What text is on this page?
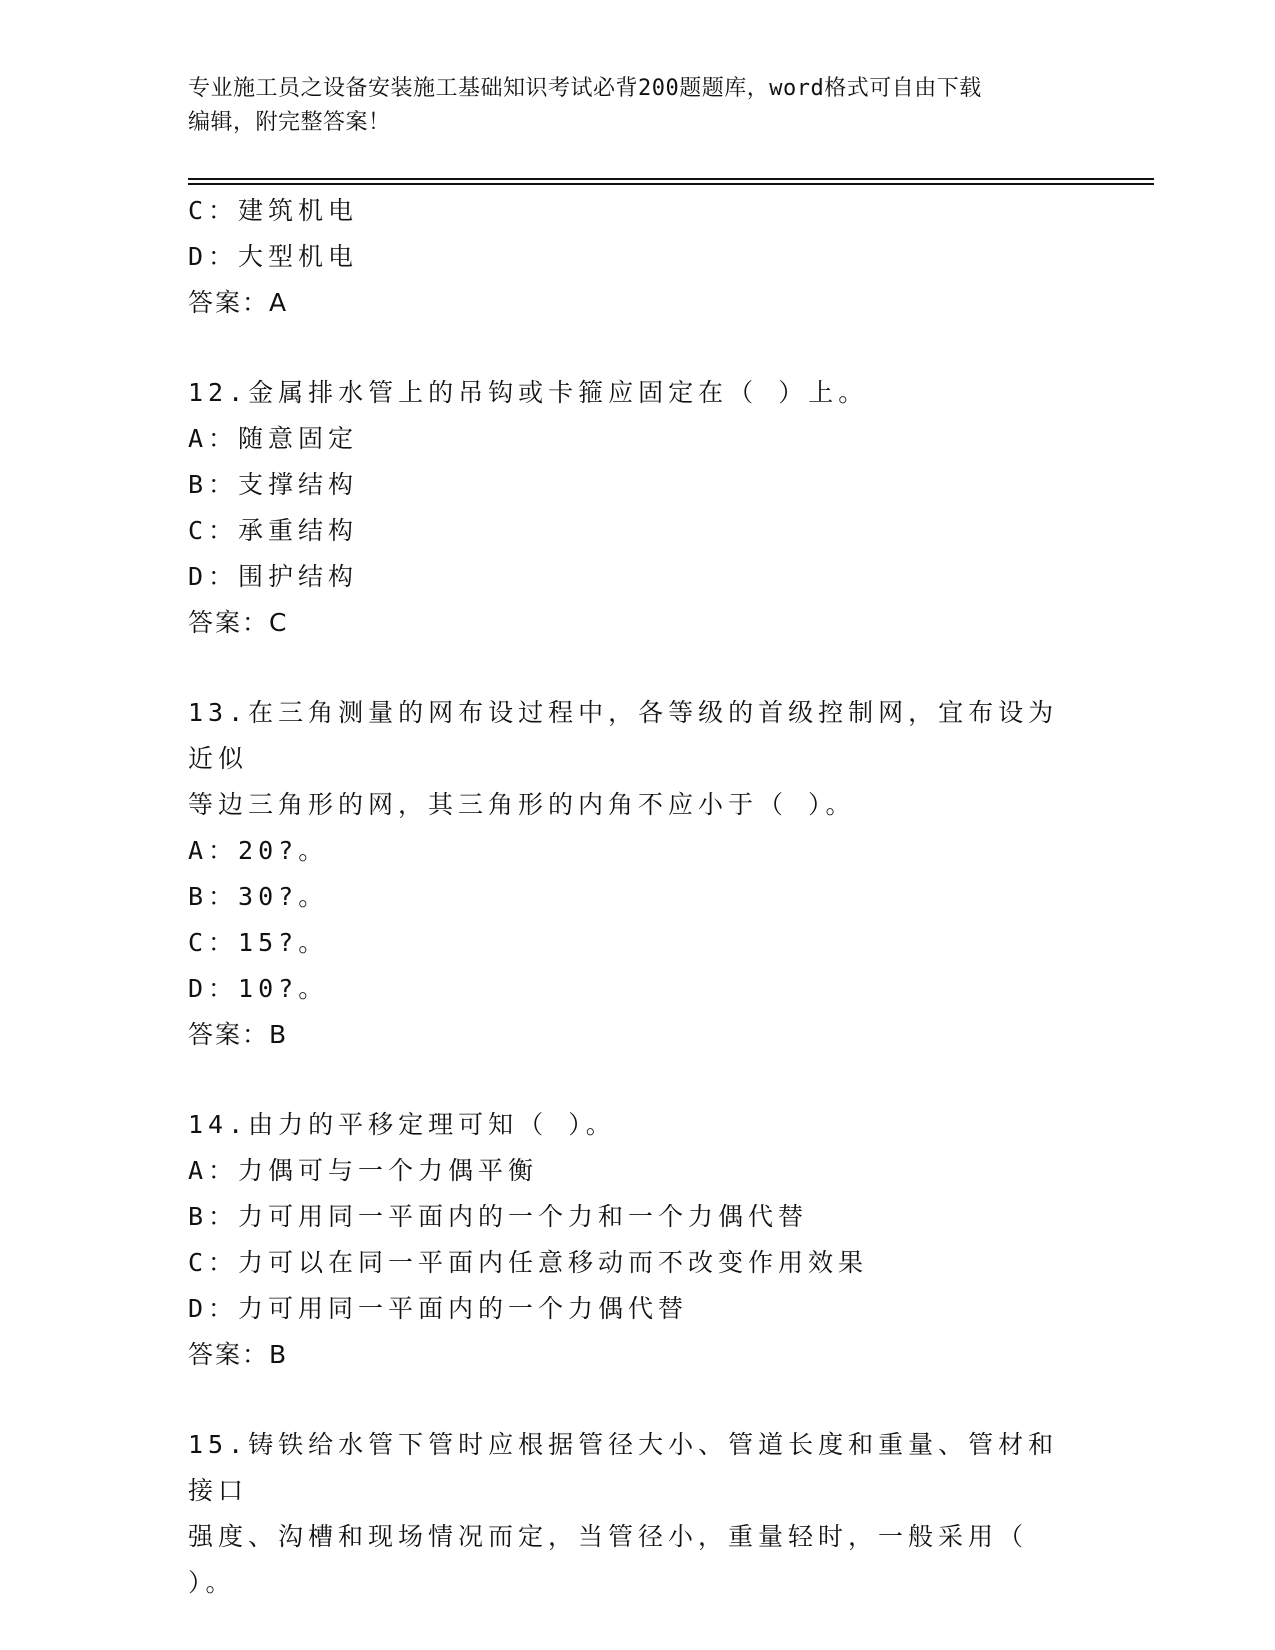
专业施工员之设备安装施工基础知识考试必背200题题库，word格式可自由下载
编辑，附完整答案！
C：建筑机电
D：大型机电
答案：A
12.金属排水管上的吊钩或卡箍应固定在（ ）上。
A：随意固定
B：支撑结构
C：承重结构
D：围护结构
答案：C
13.在三角测量的网布设过程中，各等级的首级控制网，宜布设为近似
等边三角形的网，其三角形的内角不应小于（ ）。
A：20?。
B：30?。
C：15?。
D：10?。
答案：B
14.由力的平移定理可知（ ）。
A：力偶可与一个力偶平衡
B：力可用同一平面内的一个力和一个力偶代替
C：力可以在同一平面内任意移动而不改变作用效果
D：力可用同一平面内的一个力偶代替
答案：B
15.铸铁给水管下管时应根据管径大小、管道长度和重量、管材和接口
强度、沟槽和现场情况而定，当管径小，重量轻时，一般采用（ ）。
